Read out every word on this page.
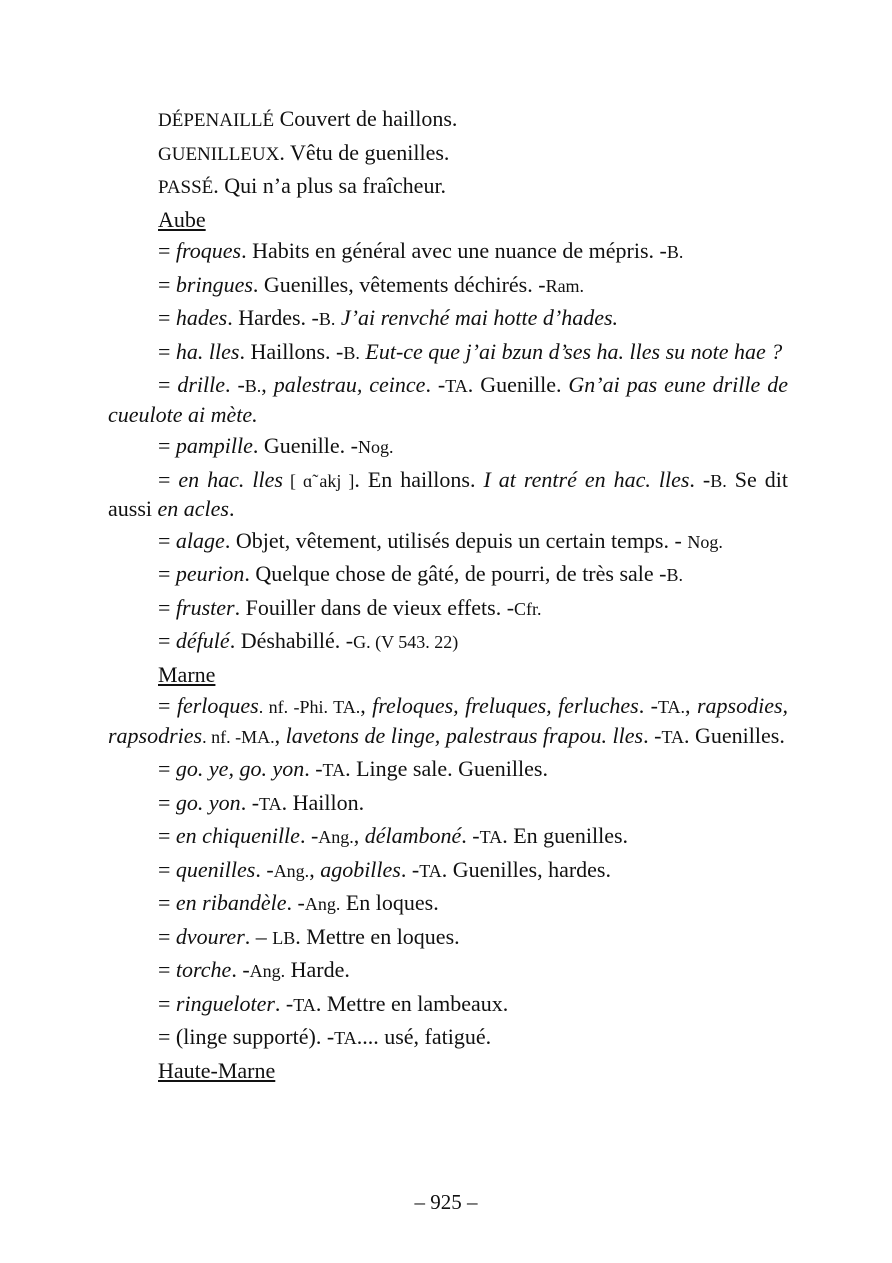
DÉPENAILLÉ Couvert de haillons.

GUENILLEUX. Vêtu de guenilles.

PASSÉ. Qui n’a plus sa fraîcheur.

Aube

= froques. Habits en général avec une nuance de mépris. -B.

= bringues. Guenilles, vêtements déchirés. -Ram.

= hades. Hardes. -B. J’ai renvché mai hotte d’hades.

= ha. lles. Haillons. -B. Eut-ce que j’ai bzun d’ses ha. lles su note hae ?

= drille. -B., palestrau, ceince. -TA. Guenille. Gn’ai pas eune drille de cueulote ai mète.

= pampille. Guenille. -Nog.

= en hac. lles [ ɑ̃ akj ]. En haillons. I at rentré en hac. lles. -B. Se dit aussi en acles.

= alage. Objet, vêtement, utilisés depuis un certain temps. - Nog.

= peurion. Quelque chose de gâté, de pourri, de très sale -B.

= fruster. Fouiller dans de vieux effets. -Cfr.

= défulé. Déshabillé. -G. (V 543. 22)

Marne

= ferloques. nf. -Phi. TA., freloques, freluques, ferluches. -TA., rapsodies, rapsodries. nf. -MA., lavetons de linge, palestraus frapou. lles. -TA. Guenilles.

= go. ye, go. yon. -TA. Linge sale. Guenilles.

= go. yon. -TA. Haillon.

= en chiquenille. -Ang., délamboné. -TA. En guenilles.

= quenilles. -Ang., agobilles. -TA. Guenilles, hardes.

= en ribandèle. -Ang. En loques.

= dvourer. – LB. Mettre en loques.

= torche. -Ang. Harde.

= ringueloter. -TA. Mettre en lambeaux.

= (linge supporté). -TA.... usé, fatigué.

Haute-Marne

– 925 –
